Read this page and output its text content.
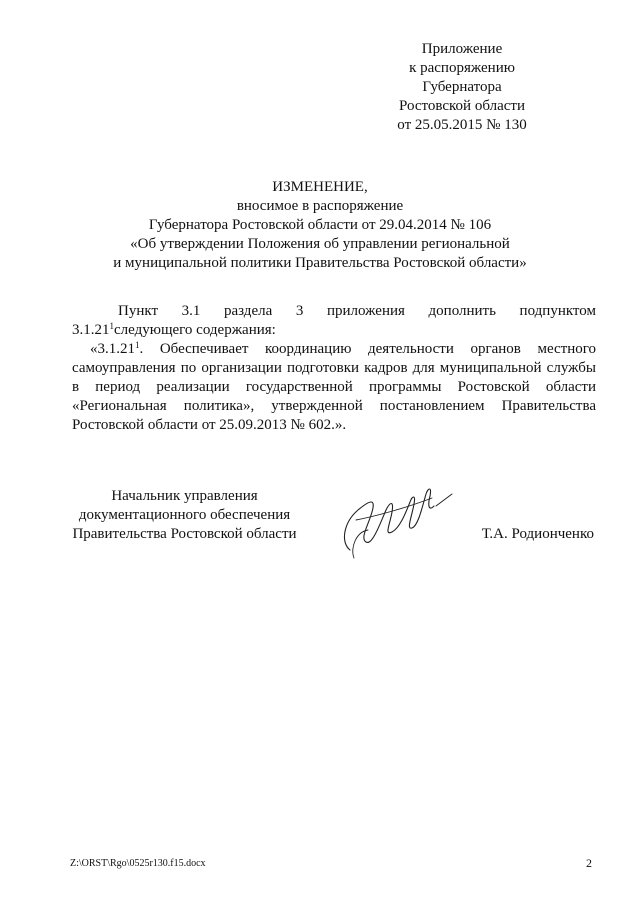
Приложение
к распоряжению
Губернатора
Ростовской области
от 25.05.2015 № 130
ИЗМЕНЕНИЕ,
вносимое в распоряжение
Губернатора Ростовской области от 29.04.2014 № 106
«Об утверждении Положения об управлении региональной
и муниципальной политики Правительства Ростовской области»

Пункт 3.1 раздела 3 приложения дополнить подпунктом

3.1.21$^1$следующего содержания:

«3.1.21$^1$. Обеспечивает координацию деятельности органов местного самоуправления по организации подготовки кадров для муниципальной службы в период реализации государственной программы Ростовской области «Региональная политика», утвержденной постановлением Правительства Ростовской области от 25.09.2013 № 602.».

Начальник управления
документационного обеспечения
Правительства Ростовской области	Т.А. Родионченко
Z:\ORST\Rgo\0525r130.f15.docx	2
